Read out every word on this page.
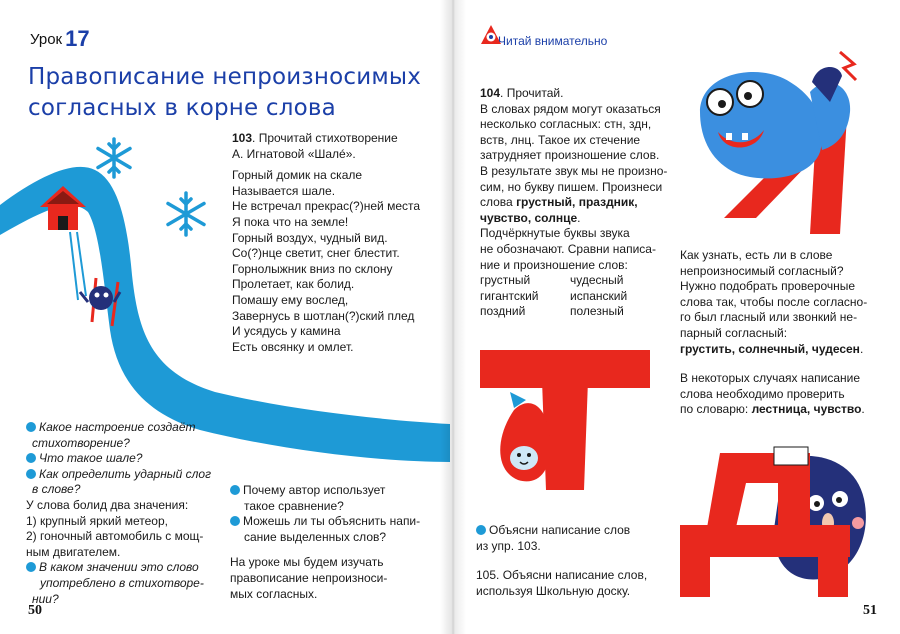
Урок 17
Правописание непроизносимых
согласных в корне слова
103. Прочитай стихотворение
А. Игнатовой «Шалé».
Горный домик на скале
Называется шале.
Не встречал прекрас(?)ней места
Я пока что на земле!
Горный воздух, чудный вид.
Со(?)нце светит, снег блестит.
Горнолыжник вниз по склону
Пролетает, как болид.
Помашу ему вослед,
Завернусь в шотлан(?)ский плед
И усядусь у камина
Есть овсянку и омлет.
Какое настроение создаёт
стихотворение?
Что такое шале?
Как определить ударный слог
в слове?
У слова болид два значения:
1) крупный яркий метеор,
2) гоночный автомобиль с мощ-
ным двигателем.
В каком значении это слово
употреблено в стихотворе-
нии?
Почему автор использует
такое сравнение?
Можешь ли ты объяснить напи-
сание выделенных слов?
На уроке мы будем изучать
правописание непроизноси-
мых согласных.
50
Читай внимательно
104. Прочитай.
В словах рядом могут оказаться
несколько согласных: стн, здн,
вств, лнц. Такое их стечение
затрудняет произношение слов.
В результате звук мы не произно-
сим, но букву пишем. Произнеси
слова грустный, праздник,
чувство, солнце.
Подчёркнутые буквы звука
не обозначают. Сравни написа-
ние и произношение слов:
грустный	чудесный
гигантский	испанский
поздний	полезный
Как узнать, есть ли в слове
непроизносимый согласный?
Нужно подобрать проверочные
слова так, чтобы после согласно-
го был гласный или звонкий не-
парный согласный:
грустить, солнечный, чудесен.
В некоторых случаях написание
слова необходимо проверить
по словарю: лестница, чувство.
Объясни написание слов
из упр. 103.
105. Объясни написание слов,
используя Школьную доску.
51
